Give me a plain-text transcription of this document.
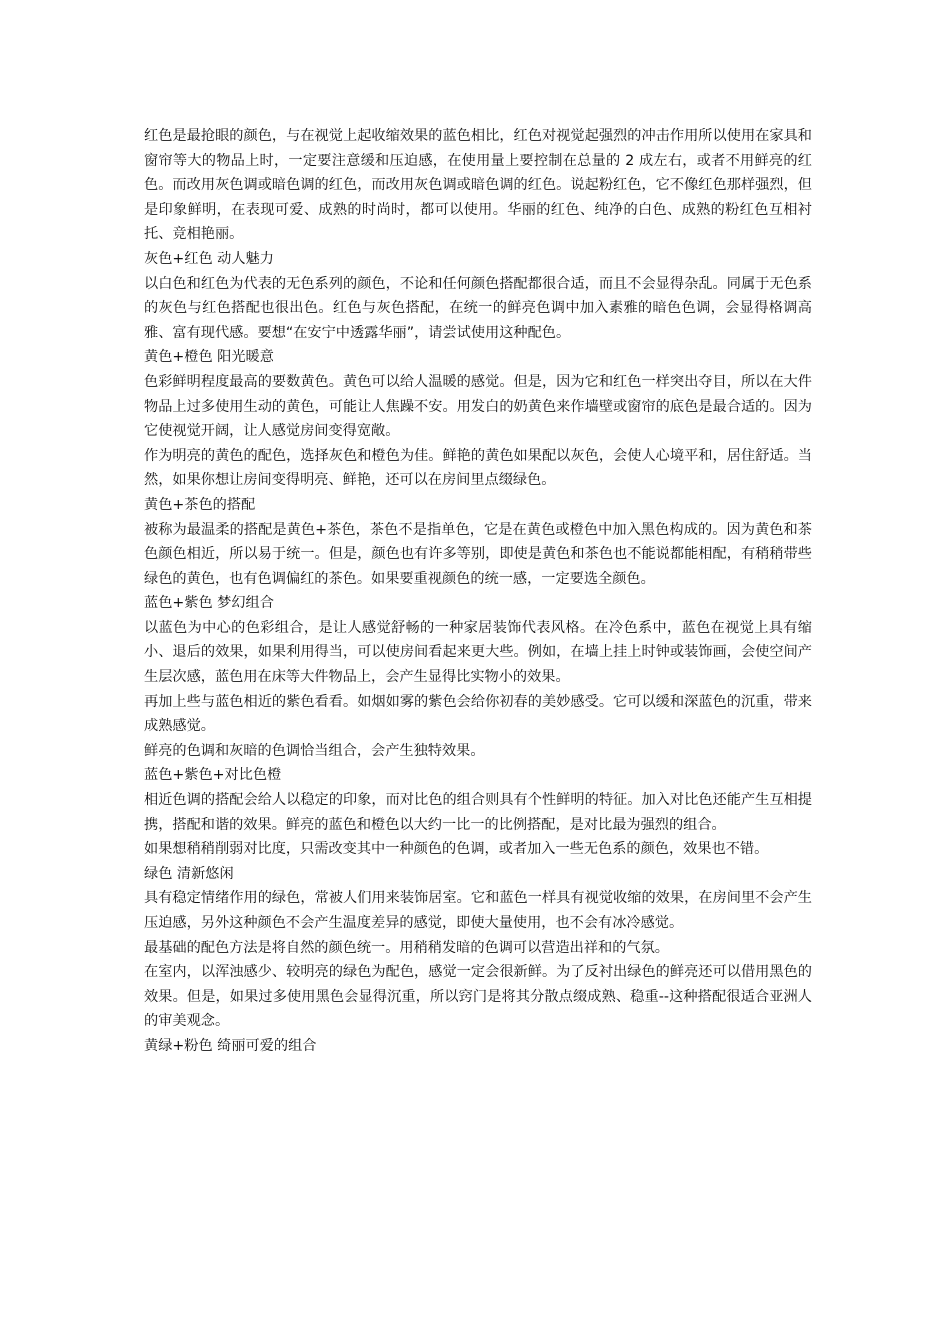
红色是最抢眼的颜色，与在视觉上起收缩效果的蓝色相比，红色对视觉起强烈的冲击作用所以使用在家具和窗帘等大的物品上时，一定要注意缓和压迫感，在使用量上要控制在总量的 2 成左右，或者不用鲜亮的红色。而改用灰色调或暗色调的红色，而改用灰色调或暗色调的红色。说起粉红色，它不像红色那样强烈，但是印象鲜明，在表现可爱、成熟的时尚时，都可以使用。华丽的红色、纯净的白色、成熟的粉红色互相衬托、竞相艳丽。

灰色+红色 动人魅力

以白色和红色为代表的无色系列的颜色，不论和任何颜色搭配都很合适，而且不会显得杂乱。同属于无色系的灰色与红色搭配也很出色。红色与灰色搭配，在统一的鲜亮色调中加入素雅的暗色色调，会显得格调高雅、富有现代感。要想“在安宁中透露华丽”，请尝试使用这种配色。

黄色+橙色 阳光暖意

色彩鲜明程度最高的要数黄色。黄色可以给人温暖的感觉。但是，因为它和红色一样突出夺目，所以在大件物品上过多使用生动的黄色，可能让人焦躁不安。用发白的奶黄色来作墙壁或窗帘的底色是最合适的。因为它使视觉开阔，让人感觉房间变得宽敞。

作为明亮的黄色的配色，选择灰色和橙色为佳。鲜艳的黄色如果配以灰色，会使人心境平和，居住舒适。当然，如果你想让房间变得明亮、鲜艳，还可以在房间里点缀绿色。

黄色+茶色的搭配

被称为最温柔的搭配是黄色+茶色，茶色不是指单色，它是在黄色或橙色中加入黑色构成的。因为黄色和茶色颜色相近，所以易于统一。但是，颜色也有许多等别，即使是黄色和茶色也不能说都能相配，有稍稍带些绿色的黄色，也有色调偏红的茶色。如果要重视颜色的统一感，一定要选全颜色。

蓝色+紫色 梦幻组合

以蓝色为中心的色彩组合，是让人感觉舒畅的一种家居装饰代表风格。在冷色系中，蓝色在视觉上具有缩小、退后的效果，如果利用得当，可以使房间看起来更大些。例如，在墙上挂上时钟或装饰画，会使空间产生层次感，蓝色用在床等大件物品上，会产生显得比实物小的效果。

再加上些与蓝色相近的紫色看看。如烟如雾的紫色会给你初春的美妙感受。它可以缓和深蓝色的沉重，带来成熟感觉。

鲜亮的色调和灰暗的色调恰当组合，会产生独特效果。

蓝色+紫色+对比色橙

相近色调的搭配会给人以稳定的印象，而对比色的组合则具有个性鲜明的特征。加入对比色还能产生互相提携，搭配和谐的效果。鲜亮的蓝色和橙色以大约一比一的比例搭配，是对比最为强烈的组合。

如果想稍稍削弱对比度，只需改变其中一种颜色的色调，或者加入一些无色系的颜色，效果也不错。

绿色 清新悠闲

具有稳定情绪作用的绿色，常被人们用来装饰居室。它和蓝色一样具有视觉收缩的效果，在房间里不会产生压迫感，另外这种颜色不会产生温度差异的感觉，即使大量使用，也不会有冰冷感觉。

最基础的配色方法是将自然的颜色统一。用稍稍发暗的色调可以营造出祥和的气氛。

在室内，以浑浊感少、较明亮的绿色为配色，感觉一定会很新鲜。为了反衬出绿色的鲜亮还可以借用黑色的效果。但是，如果过多使用黑色会显得沉重，所以窍门是将其分散点缀成熟、稳重--这种搭配很适合亚洲人的审美观念。

黄绿+粉色 绮丽可爱的组合
